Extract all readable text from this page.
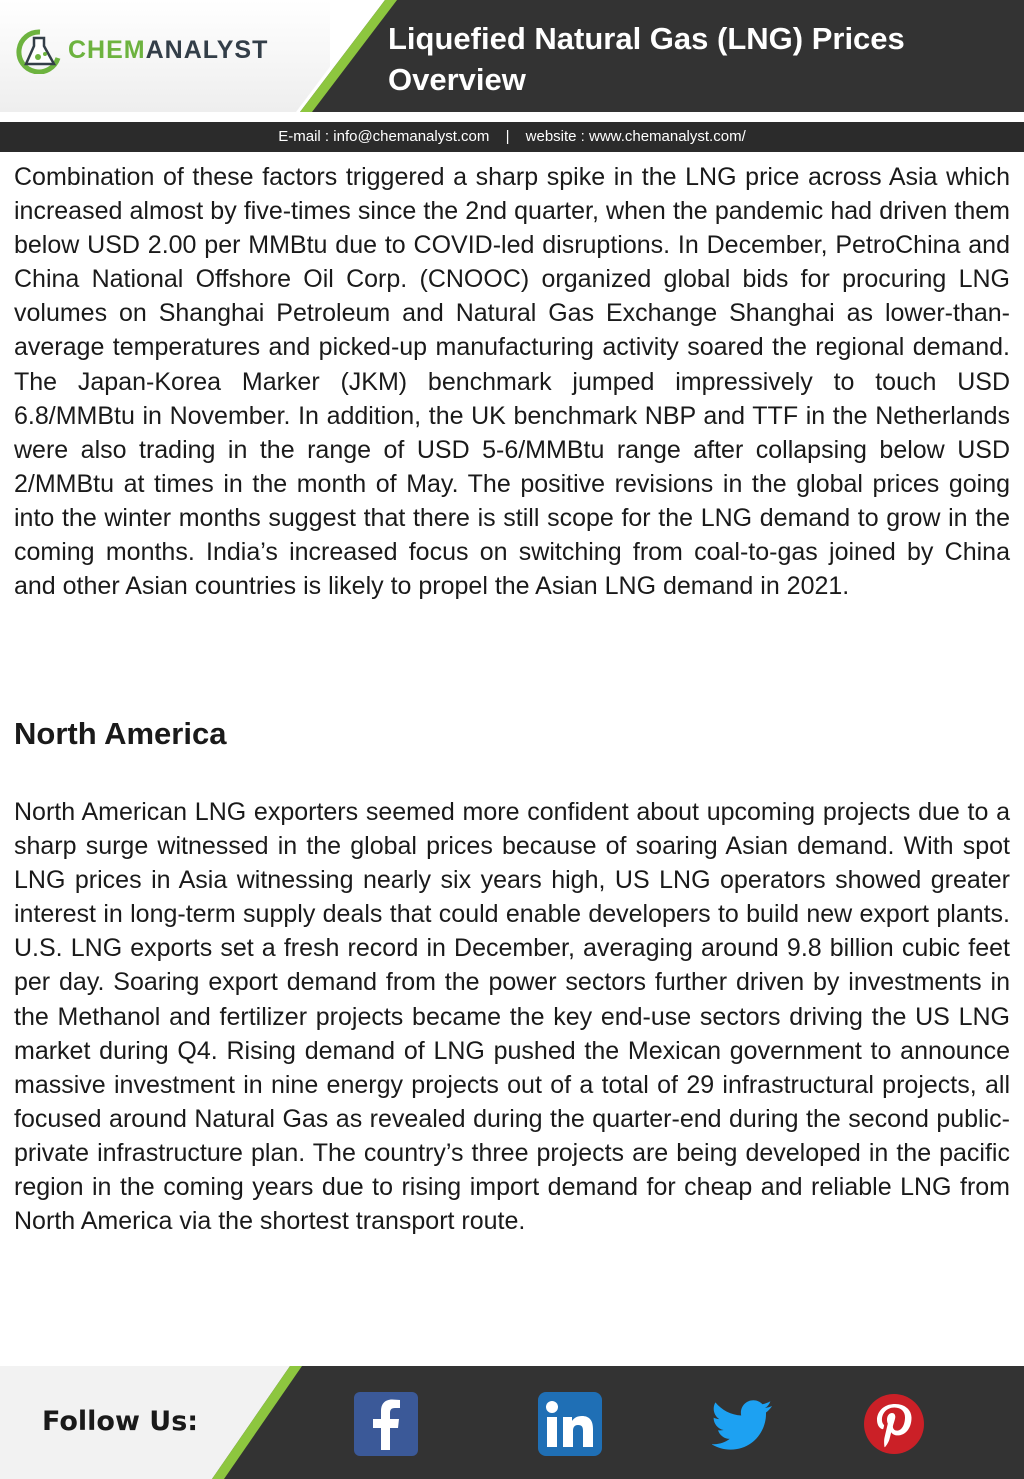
CHEMANALYST	Liquefied Natural Gas (LNG) Prices Overview
E-mail : info@chemanalyst.com | website : www.chemanalyst.com/

Combination of these factors triggered a sharp spike in the LNG price across Asia which increased almost by five-times since the 2nd quarter, when the pandemic had driven them below USD 2.00 per MMBtu due to COVID-led disruptions. In December, PetroChina and China National Offshore Oil Corp. (CNOOC) organized global bids for procuring LNG volumes on Shanghai Petroleum and Natural Gas Exchange Shanghai as lower-than-average temperatures and picked-up manufacturing activity soared the regional demand. The Japan-Korea Marker (JKM) benchmark jumped impressively to touch USD 6.8/MMBtu in November. In addition, the UK benchmark NBP and TTF in the Netherlands were also trading in the range of USD 5-6/MMBtu range after collapsing below USD 2/MMBtu at times in the month of May. The positive revisions in the global prices going into the winter months suggest that there is still scope for the LNG demand to grow in the coming months. India’s increased focus on switching from coal-to-gas joined by China and other Asian countries is likely to propel the Asian LNG demand in 2021.

North America

North American LNG exporters seemed more confident about upcoming projects due to a sharp surge witnessed in the global prices because of soaring Asian demand. With spot LNG prices in Asia witnessing nearly six years high, US LNG operators showed greater interest in long-term supply deals that could enable developers to build new export plants. U.S. LNG exports set a fresh record in December, averaging around 9.8 billion cubic feet per day. Soaring export demand from the power sectors further driven by investments in the Methanol and fertilizer projects became the key end-use sectors driving the US LNG market during Q4. Rising demand of LNG pushed the Mexican government to announce massive investment in nine energy projects out of a total of 29 infrastructural projects, all focused around Natural Gas as revealed during the quarter-end during the second public-private infrastructure plan. The country’s three projects are being developed in the pacific region in the coming years due to rising import demand for cheap and reliable LNG from North America via the shortest transport route.

Follow Us:
